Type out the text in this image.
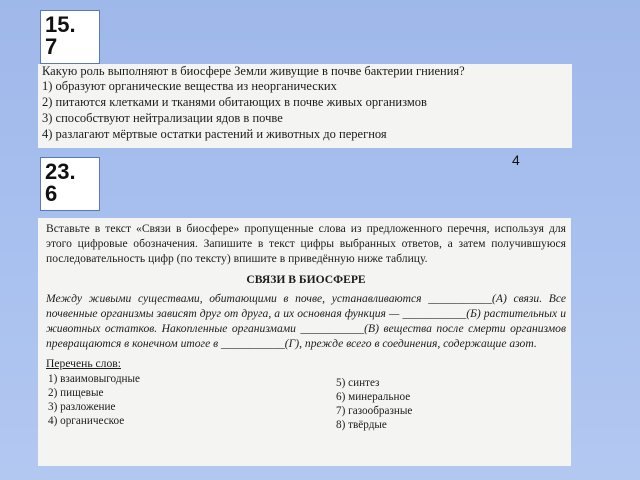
15.
7
Какую роль выполняют в биосфере Земли живущие в почве бактерии гниения?
1) образуют органические вещества из неорганических
2) питаются клетками и тканями обитающих в почве живых организмов
3) способствуют нейтрализации ядов в почве
4) разлагают мёртвые остатки растений и животных до перегноя
4
23.
6
Вставьте в текст «Связи в биосфере» пропущенные слова из предложенного перечня, используя для этого цифровые обозначения. Запишите в текст цифры выбранных ответов, а затем получившуюся последовательность цифр (по тексту) впишите в приведённую ниже таблицу.
СВЯЗИ В БИОСФЕРЕ
Между живыми существами, обитающими в почве, устанавливаются ___________(А) связи. Все почвенные организмы зависят друг от друга, а их основная функция — ___________(Б) растительных и животных остатков. Накопленные организмами ___________(В) вещества после смерти организмов превращаются в конечном итоге в ___________(Г), прежде всего в соединения, содержащие азот.
Перечень слов:
1) взаимовыгодные
2) пищевые
3) разложение
4) органическое
5) синтез
6) минеральное
7) газообразные
8) твёрдые
